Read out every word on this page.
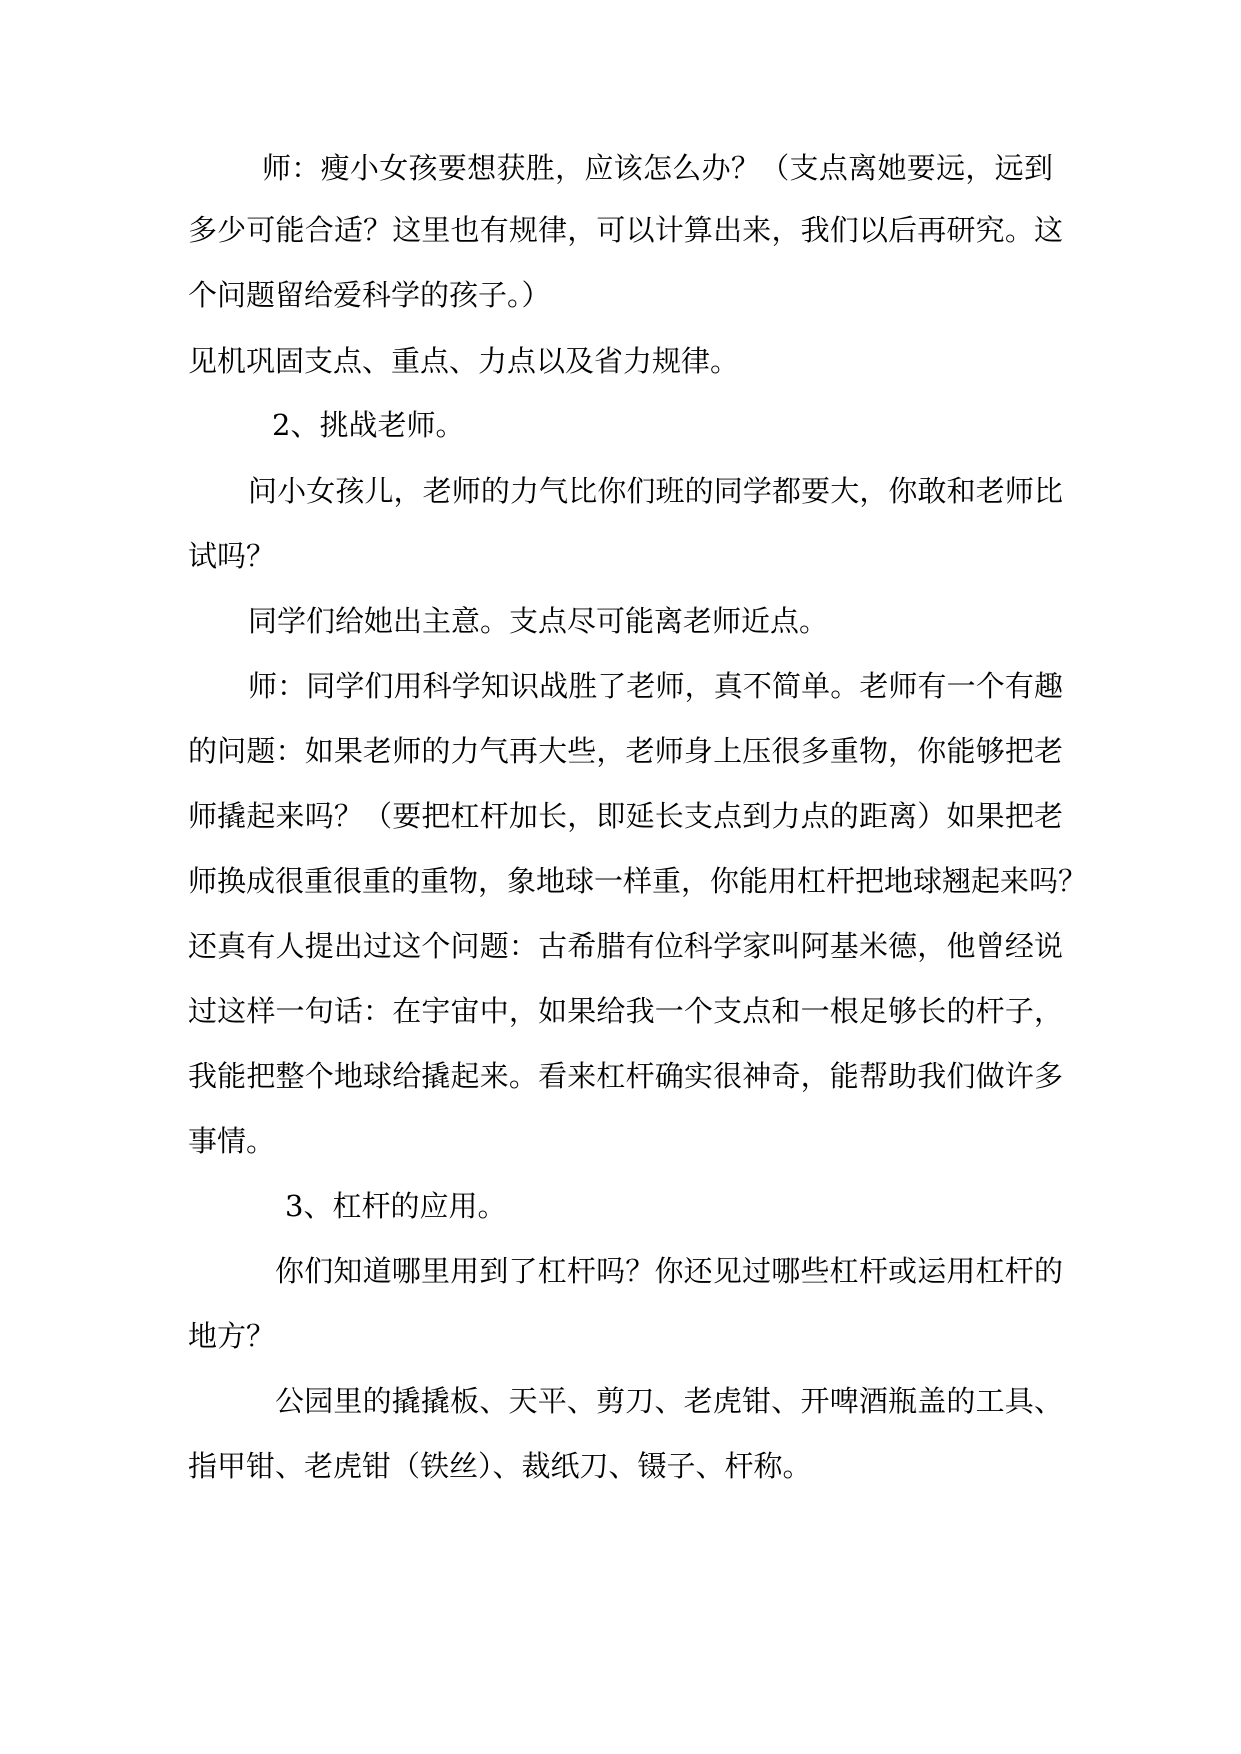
师：瘦小女孩要想获胜，应该怎么办？（支点离她要远，远到

多少可能合适？这里也有规律，可以计算出来，我们以后再研究。这

个问题留给爱科学的孩子。）

见机巩固支点、重点、力点以及省力规律。

2、挑战老师。

问小女孩儿，老师的力气比你们班的同学都要大，你敢和老师比

试吗？

同学们给她出主意。支点尽可能离老师近点。

师：同学们用科学知识战胜了老师，真不简单。老师有一个有趣

的问题：如果老师的力气再大些，老师身上压很多重物，你能够把老

师撬起来吗？（要把杠杆加长，即延长支点到力点的距离）如果把老

师换成很重很重的重物，象地球一样重，你能用杠杆把地球翘起来吗？

还真有人提出过这个问题：古希腊有位科学家叫阿基米德，他曾经说

过这样一句话：在宇宙中，如果给我一个支点和一根足够长的杆子，

我能把整个地球给撬起来。看来杠杆确实很神奇，能帮助我们做许多

事情。

3、杠杆的应用。

你们知道哪里用到了杠杆吗？你还见过哪些杠杆或运用杠杆的

地方？

公园里的撬撬板、天平、剪刀、老虎钳、开啤酒瓶盖的工具、

指甲钳、老虎钳（铁丝）、裁纸刀、镊子、杆称。
